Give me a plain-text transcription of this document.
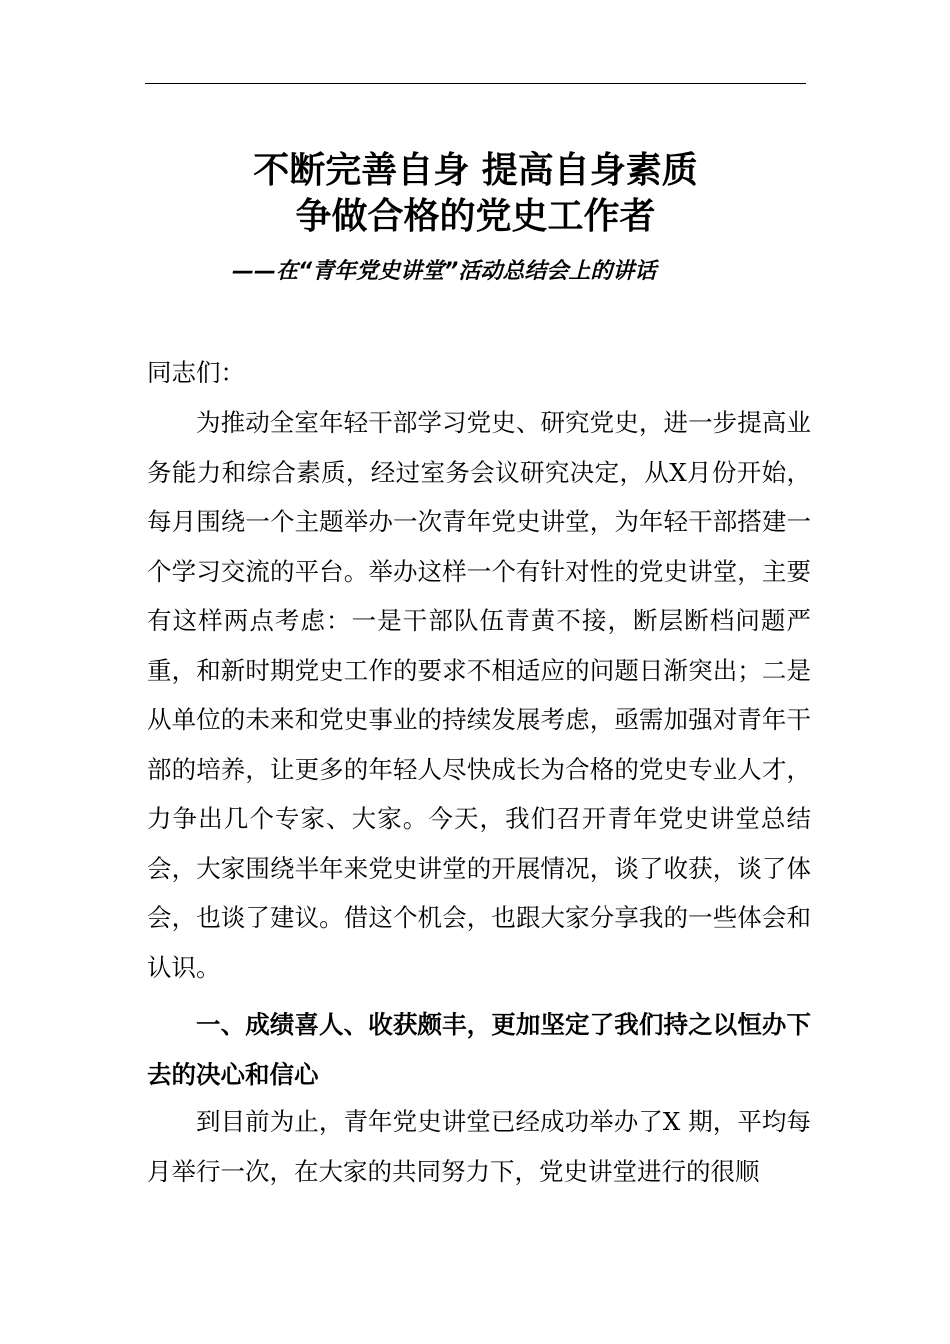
不断完善自身 提高自身素质
争做合格的党史工作者
——在“青年党史讲堂”活动总结会上的讲话
同志们：
为推动全室年轻干部学习党史、研究党史，进一步提高业务能力和综合素质，经过室务会议研究决定，从X月份开始，每月围绕一个主题举办一次青年党史讲堂，为年轻干部搭建一个学习交流的平台。举办这样一个有针对性的党史讲堂，主要有这样两点考虑：一是干部队伍青黄不接，断层断档问题严重，和新时期党史工作的要求不相适应的问题日渐突出；二是从单位的未来和党史事业的持续发展考虑，亟需加强对青年干部的培养，让更多的年轻人尽快成长为合格的党史专业人才，力争出几个专家、大家。今天，我们召开青年党史讲堂总结会，大家围绕半年来党史讲堂的开展情况，谈了收获，谈了体会，也谈了建议。借这个机会，也跟大家分享我的一些体会和认识。
一、成绩喜人、收获颇丰，更加坚定了我们持之以恒办下去的决心和信心
到目前为止，青年党史讲堂已经成功举办了X 期，平均每月举行一次，在大家的共同努力下，党史讲堂进行的很顺
